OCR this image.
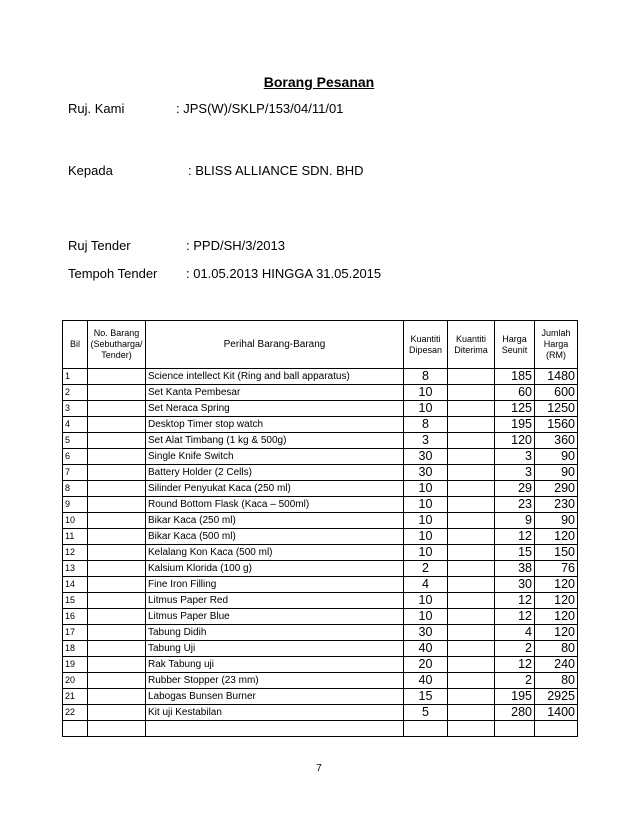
Borang Pesanan
Ruj. Kami	: JPS(W)/SKLP/153/04/11/01
Kepada	: BLISS ALLIANCE SDN. BHD
Ruj Tender	: PPD/SH/3/2013
Tempoh Tender : 01.05.2013 HINGGA 31.05.2015
Bil	No. Barang (Sebutharga/ Tender)	Perihal Barang-Barang	Kuantiti Dipesan	Kuantiti Diterima	Harga Seunit	Jumlah Harga (RM)
1		Science intellect Kit (Ring and ball apparatus)	8		185	1480
2		Set Kanta Pembesar	10		60	600
3		Set Neraca Spring	10		125	1250
4		Desktop Timer stop watch	8		195	1560
5		Set Alat Timbang (1 kg & 500g)	3		120	360
6		Single Knife Switch	30		3	90
7		Battery Holder (2 Cells)	30		3	90
8		Silinder Penyukat Kaca (250 ml)	10		29	290
9		Round Bottom Flask (Kaca – 500ml)	10		23	230
10		Bikar Kaca (250 ml)	10		9	90
11		Bikar Kaca (500 ml)	10		12	120
12		Kelalang Kon Kaca (500 ml)	10		15	150
13		Kalsium Klorida (100 g)	2		38	76
14		Fine Iron Filling	4		30	120
15		Litmus Paper Red	10		12	120
16		Litmus Paper Blue	10		12	120
17		Tabung Didih	30		4	120
18		Tabung Uji	40		2	80
19		Rak Tabung uji	20		12	240
20		Rubber Stopper (23 mm)	40		2	80
21		Labogas Bunsen Burner	15		195	2925
22		Kit uji Kestabilan	5		280	1400

7
